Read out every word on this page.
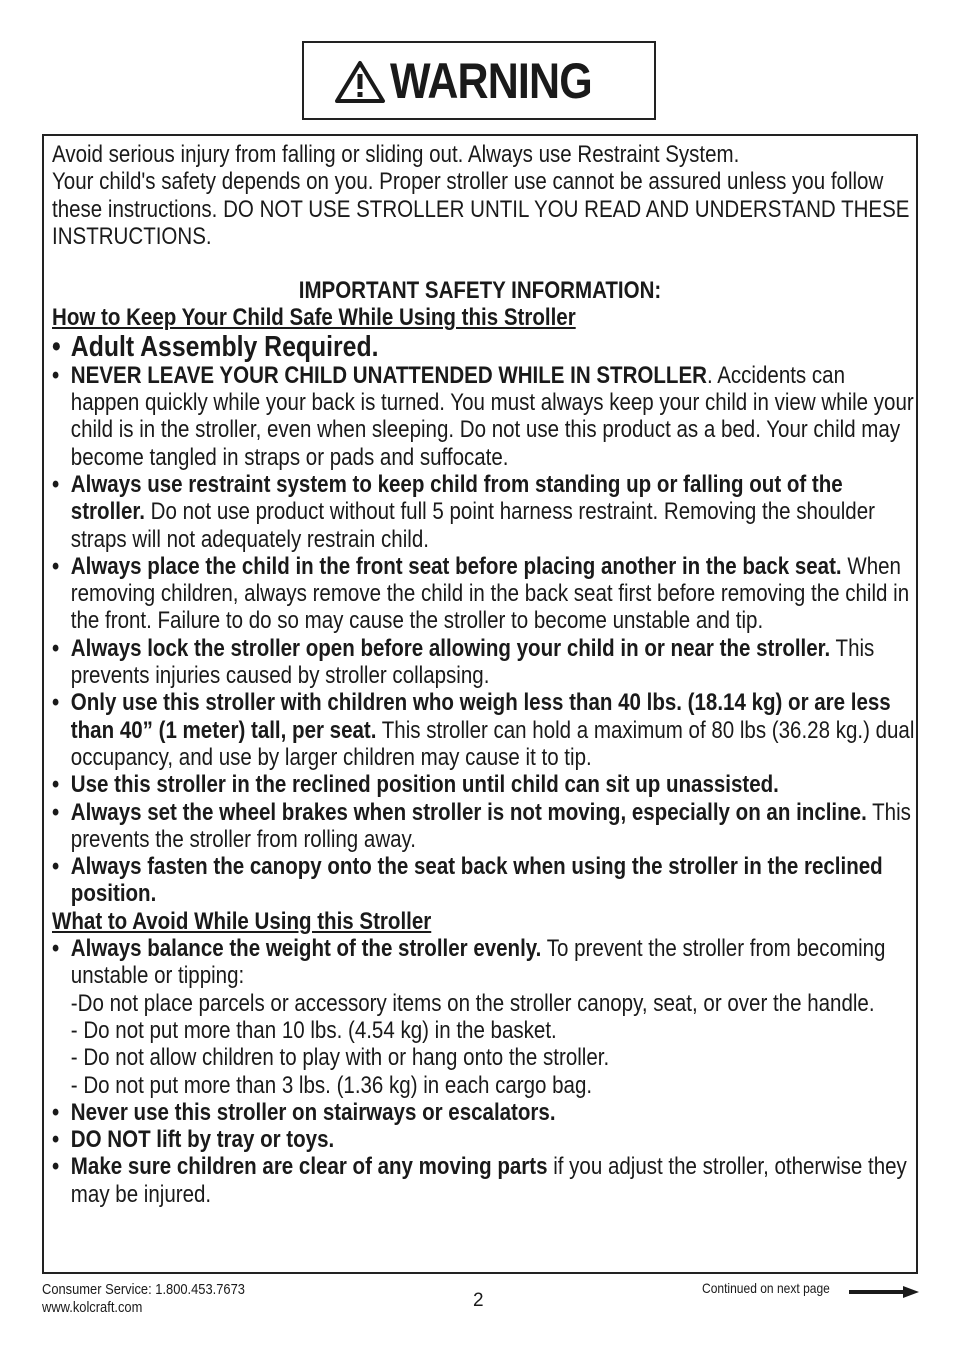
WARNING

Avoid serious injury from falling or sliding out. Always use Restraint System.

Your child's safety depends on you. Proper stroller use cannot be assured unless you follow these instructions. DO NOT USE STROLLER UNTIL YOU READ AND UNDERSTAND THESE INSTRUCTIONS.

IMPORTANT SAFETY INFORMATION:
How to Keep Your Child Safe While Using this Stroller
• Adult Assembly Required.
• NEVER LEAVE YOUR CHILD UNATTENDED WHILE IN STROLLER. Accidents can happen quickly while your back is turned. You must always keep your child in view while your child is in the stroller, even when sleeping. Do not use this product as a bed. Your child may become tangled in straps or pads and suffocate.
• Always use restraint system to keep child from standing up or falling out of the stroller. Do not use product without full 5 point harness restraint. Removing the shoulder straps will not adequately restrain child.
• Always place the child in the front seat before placing another in the back seat. When removing children, always remove the child in the back seat first before removing the child in the front. Failure to do so may cause the stroller to become unstable and tip.
• Always lock the stroller open before allowing your child in or near the stroller. This prevents injuries caused by stroller collapsing.
• Only use this stroller with children who weigh less than 40 lbs. (18.14 kg) or are less than 40” (1 meter) tall, per seat. This stroller can hold a maximum of 80 lbs (36.28 kg.) dual occupancy, and use by larger children may cause it to tip.
• Use this stroller in the reclined position until child can sit up unassisted.
• Always set the wheel brakes when stroller is not moving, especially on an incline. This prevents the stroller from rolling away.
• Always fasten the canopy onto the seat back when using the stroller in the reclined position.
What to Avoid While Using this Stroller
• Always balance the weight of the stroller evenly. To prevent the stroller from becoming unstable or tipping:
-Do not place parcels or accessory items on the stroller canopy, seat, or over the handle.
- Do not put more than 10 lbs. (4.54 kg) in the basket.
- Do not allow children to play with or hang onto the stroller.
- Do not put more than 3 lbs. (1.36 kg) in each cargo bag.
• Never use this stroller on stairways or escalators.
• DO NOT lift by tray or toys.
• Make sure children are clear of any moving parts if you adjust the stroller, otherwise they may be injured.
Consumer Service: 1.800.453.7673
www.kolcraft.com	2
Continued on next page
